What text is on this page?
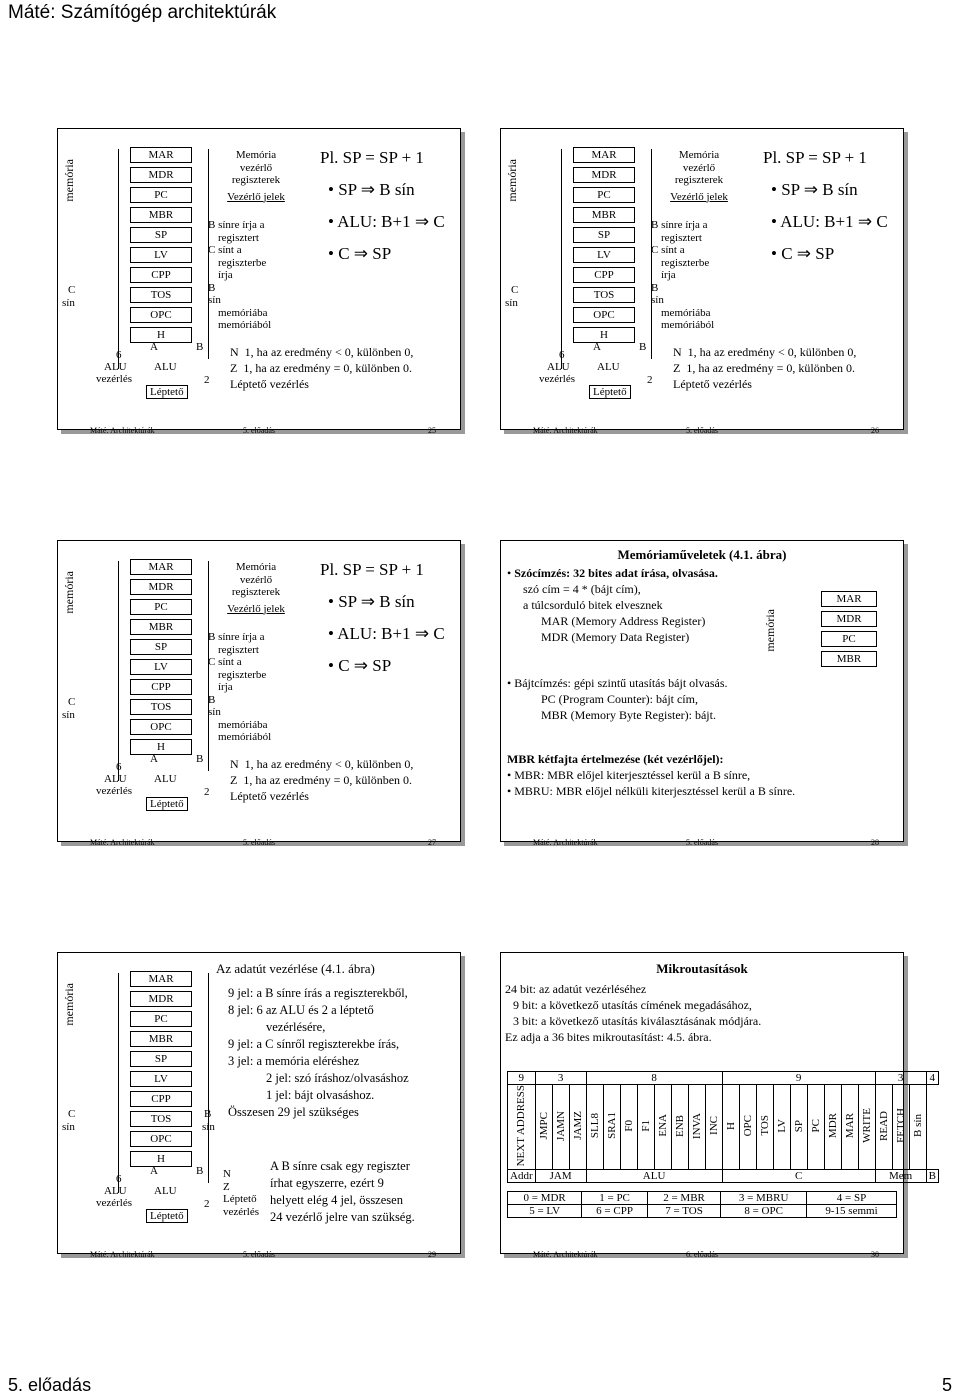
Máté: Számítógép architektúrák
memória
C
sín
MAR
MDR
PC
MBR
SP
LV
CPP
TOS
OPC
H
A	B
6
ALU
vezérlés
ALU
Léptető
2
Memória
vezérlő
regiszterek
Vezérlő jelek
B sínre írja a
regisztert
C sínt a
regiszterbe
írja
B
sín
memóriába
memóriából
Pl. SP = SP + 1
• SP ⇒ B sín
• ALU: B+1 ⇒ C
• C ⇒ SP
N 1, ha az eredmény < 0, különben 0,
Z 1, ha az eredmény = 0, különben 0.
Léptető vezérlés
Máté: Architektúrák	5. előadás	25
memória
C
sín
MAR
MDR
PC
MBR
SP
LV
CPP
TOS
OPC
H
A	B
6
ALU
vezérlés
ALU
Léptető
2
Memória
vezérlő
regiszterek
Vezérlő jelek
B sínre írja a
regisztert
C sínt a
regiszterbe
írja
B
sín
memóriába
memóriából
Pl. SP = SP + 1
• SP ⇒ B sín
• ALU: B+1 ⇒ C
• C ⇒ SP
N 1, ha az eredmény < 0, különben 0,
Z 1, ha az eredmény = 0, különben 0.
Léptető vezérlés
Máté: Architektúrák	5. előadás	26
memória
C
sín
MAR
MDR
PC
MBR
SP
LV
CPP
TOS
OPC
H
A	B
6
ALU
vezérlés
ALU
Léptető
2
Memória
vezérlő
regiszterek
Vezérlő jelek
B sínre írja a
regisztert
C sínt a
regiszterbe
írja
B
sín
memóriába
memóriából
Pl. SP = SP + 1
• SP ⇒ B sín
• ALU: B+1 ⇒ C
• C ⇒ SP
N 1, ha az eredmény < 0, különben 0,
Z 1, ha az eredmény = 0, különben 0.
Léptető vezérlés
Máté: Architektúrák	5. előadás	27
Memóriaműveletek (4.1. ábra)
• Szócímzés: 32 bites adat írása, olvasása.
szó cím = 4 * (bájt cím),
a túlcsorduló bitek elvesznek
MAR (Memory Address Register)
MDR (Memory Data Register)	memória
MAR
MDR
PC
MBR
• Bájtcímzés: gépi szintű utasítás bájt olvasás.
PC (Program Counter): bájt cím,
MBR (Memory Byte Register): bájt.
MBR kétfajta értelmezése (két vezérlőjel):
• MBR: MBR előjel kiterjesztéssel kerül a B sínre,
• MBRU: MBR előjel nélküli kiterjesztéssel kerül a B sínre.
Máté: Architektúrák	5. előadás	28
memória
C
sín
MAR
MDR
PC
MBR
SP
LV
CPP
TOS
OPC
H
A	B
6
ALU
vezérlés
ALU
Léptető
2
B
sín
Az adatút vezérlése (4.1. ábra)
9 jel: a B sínre írás a regiszterekből,
8 jel: 6 az ALU és 2 a léptető
vezérlésére,
9 jel: a C sínről regiszterekbe írás,
3 jel: a memória eléréshez
2 jel: szó íráshoz/olvasáshoz
1 jel: bájt olvasáshoz.
Összesen 29 jel szükséges
N
Z
Léptető
vezérlés
A B sínre csak egy regiszter
írhat egyszerre, ezért 9
helyett elég 4 jel, összesen
24 vezérlő jelre van szükség.
Máté: Architektúrák	5. előadás	29
Mikroutasítások
24 bit: az adatút vezérléséhez
9 bit: a következő utasítás címének megadásához,
3 bit: a következő utasítás kiválasztásának módjára.
Ez adja a 36 bites mikroutasítást: 4.5. ábra.
9	3			8								9									3			4
NEXT ADDRESS	JMPC	JAMN	JAMZ	SLL8	SRA1	F0	F1	ENA	ENB	INVA	INC	H	OPC	TOS	LV	SP	PC	MDR	MAR	WRITE	READ	FETCH	B sín	
Addr	JAM			ALU								C									Mem			B
0 = MDR	1 = PC	2 = MBR	3 = MBRU	4 = SP
5 = LV	6 = CPP	7 = TOS	8 = OPC	9-15 semmi
Máté: Architektúrák	6. előadás	30
5. előadás	5
